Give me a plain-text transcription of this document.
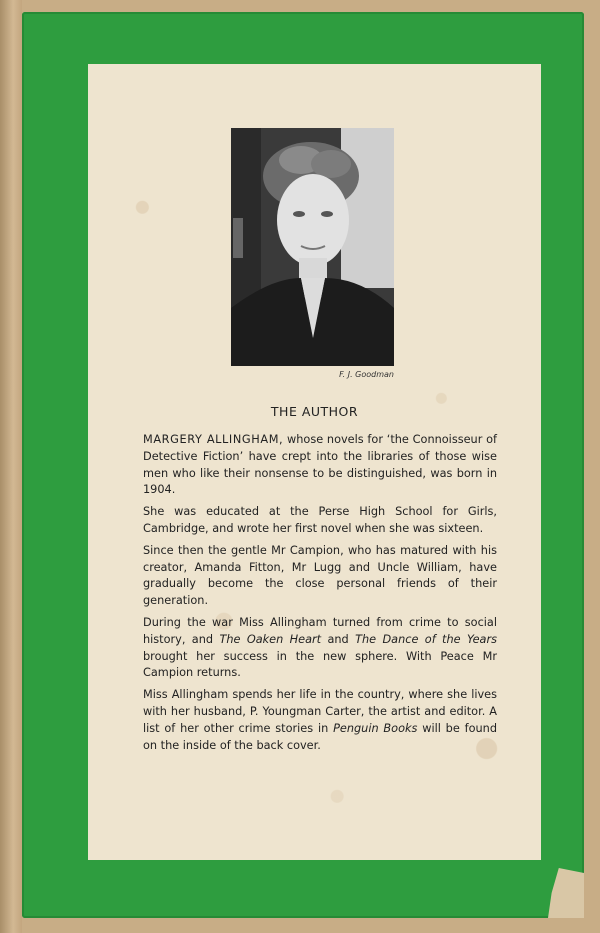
F. J. Goodman
THE AUTHOR

MARGERY ALLINGHAM, whose novels for ‘the Connoisseur of Detective Fiction’ have crept into the libraries of those wise men who like their nonsense to be distinguished, was born in 1904.

She was educated at the Perse High School for Girls, Cambridge, and wrote her first novel when she was sixteen.

Since then the gentle Mr Campion, who has matured with his creator, Amanda Fitton, Mr Lugg and Uncle William, have gradually become the close personal friends of their generation.

During the war Miss Allingham turned from crime to social history, and The Oaken Heart and The Dance of the Years brought her success in the new sphere. With Peace Mr Campion returns.

Miss Allingham spends her life in the country, where she lives with her husband, P. Youngman Carter, the artist and editor. A list of her other crime stories in Penguin Books will be found on the inside of the back cover.
